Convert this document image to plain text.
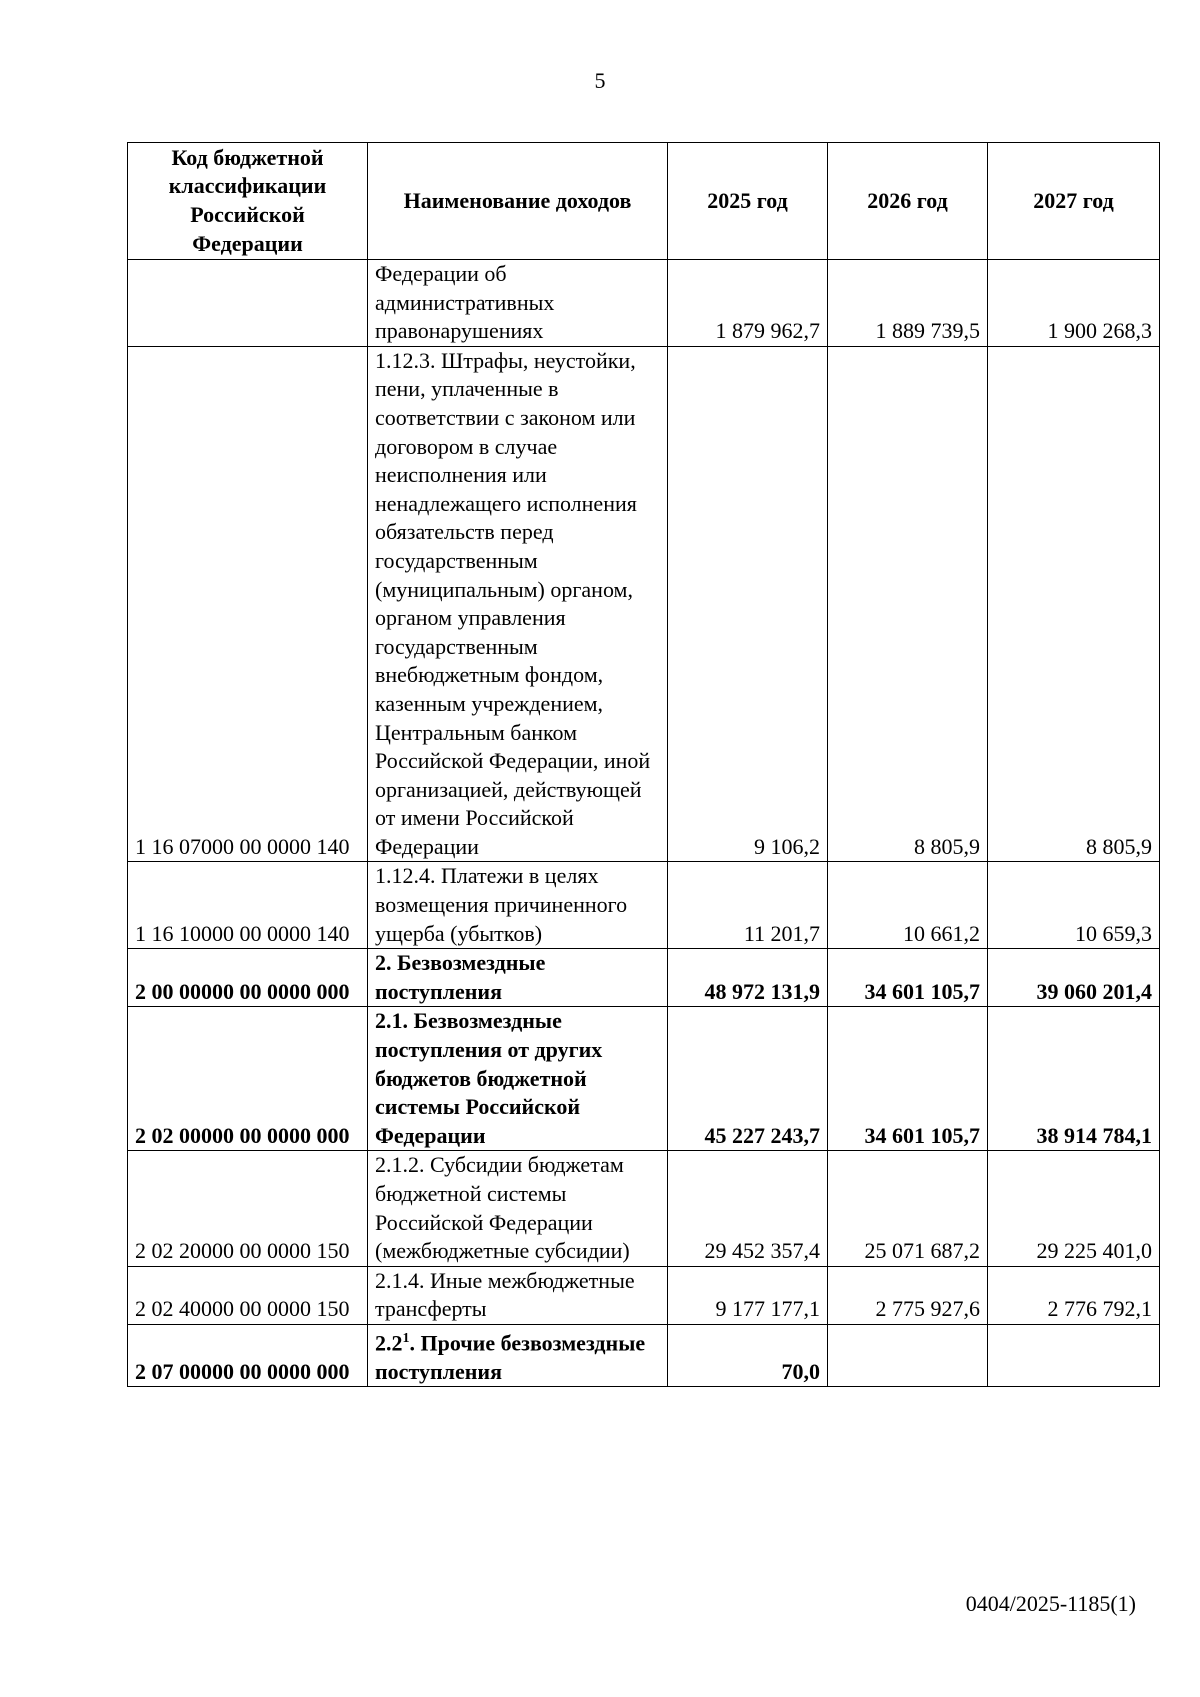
5
Код бюджетной классификации Российской Федерации	Наименование доходов	2025 год	2026 год	2027 год
	Федерации об административных правонарушениях	1 879 962,7	1 889 739,5	1 900 268,3
1 16 07000 00 0000 140	1.12.3. Штрафы, неустойки, пени, уплаченные в соответствии с законом или договором в случае неисполнения или ненадлежащего исполнения обязательств перед государственным (муниципальным) органом, органом управления государственным внебюджетным фондом, казенным учреждением, Центральным банком Российской Федерации, иной организацией, действующей от имени Российской Федерации	9 106,2	8 805,9	8 805,9
1 16 10000 00 0000 140	1.12.4. Платежи в целях возмещения причиненного ущерба (убытков)	11 201,7	10 661,2	10 659,3
2 00 00000 00 0000 000	2. Безвозмездные поступления	48 972 131,9	34 601 105,7	39 060 201,4
2 02 00000 00 0000 000	2.1. Безвозмездные поступления от других бюджетов бюджетной системы Российской Федерации	45 227 243,7	34 601 105,7	38 914 784,1
2 02 20000 00 0000 150	2.1.2. Субсидии бюджетам бюджетной системы Российской Федерации (межбюджетные субсидии)	29 452 357,4	25 071 687,2	29 225 401,0
2 02 40000 00 0000 150	2.1.4. Иные межбюджетные трансферты	9 177 177,1	2 775 927,6	2 776 792,1
2 07 00000 00 0000 000	$2.2^1$. Прочие безвозмездные поступления	70,0		
0404/2025-1185(1)
